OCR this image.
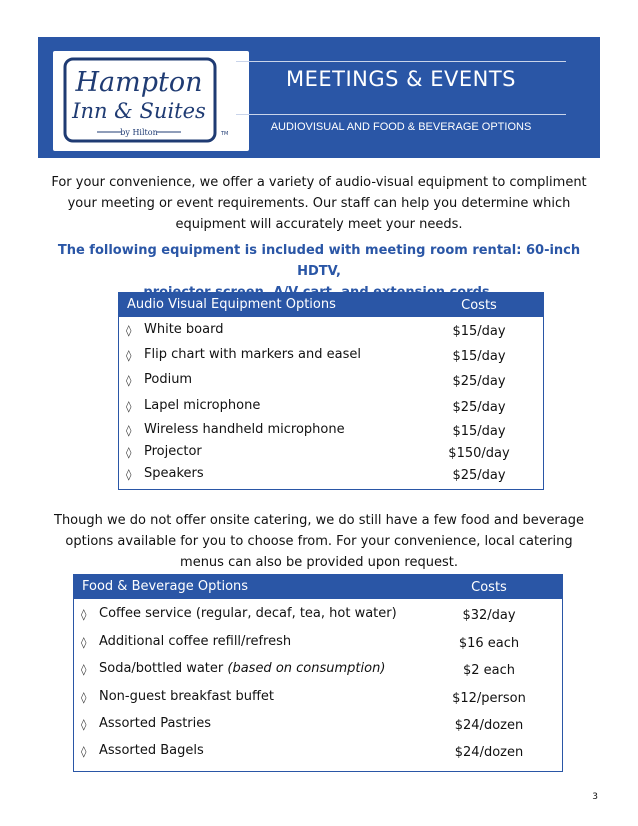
Hampton
Inn & Suites
by Hilton	TM
MEETINGS & EVENTS
AUDIOVISUAL AND FOOD & BEVERAGE OPTIONS
For your convenience, we offer a variety of audio-visual equipment to compliment
your meeting or event requirements. Our staff can help you determine which
equipment will accurately meet your needs.
The following equipment is included with meeting room rental: 60-inch HDTV,
Audio Visual Equipment Options	Costs
◊ White board	$15/day
◊ Flip chart with markers and easel	$15/day
◊ Podium	$25/day
◊ Lapel microphone	$25/day
◊ Wireless handheld microphone	$15/day
◊ Projector	$150/day
◊ Speakers	$25/day
Though we do not offer onsite catering, we do still have a few food and beverage
options available for you to choose from. For your convenience, local catering
menus can also be provided upon request.
Food & Beverage Options	Costs
◊ Coffee service (regular, decaf, tea, hot water)	$32/day
◊ Additional coffee refill/refresh	$16 each
◊ Soda/bottled water (based on consumption)	$2 each
◊ Non-guest breakfast buffet	$12/person
◊ Assorted Pastries	$24/dozen
◊ Assorted Bagels	$24/dozen
3
